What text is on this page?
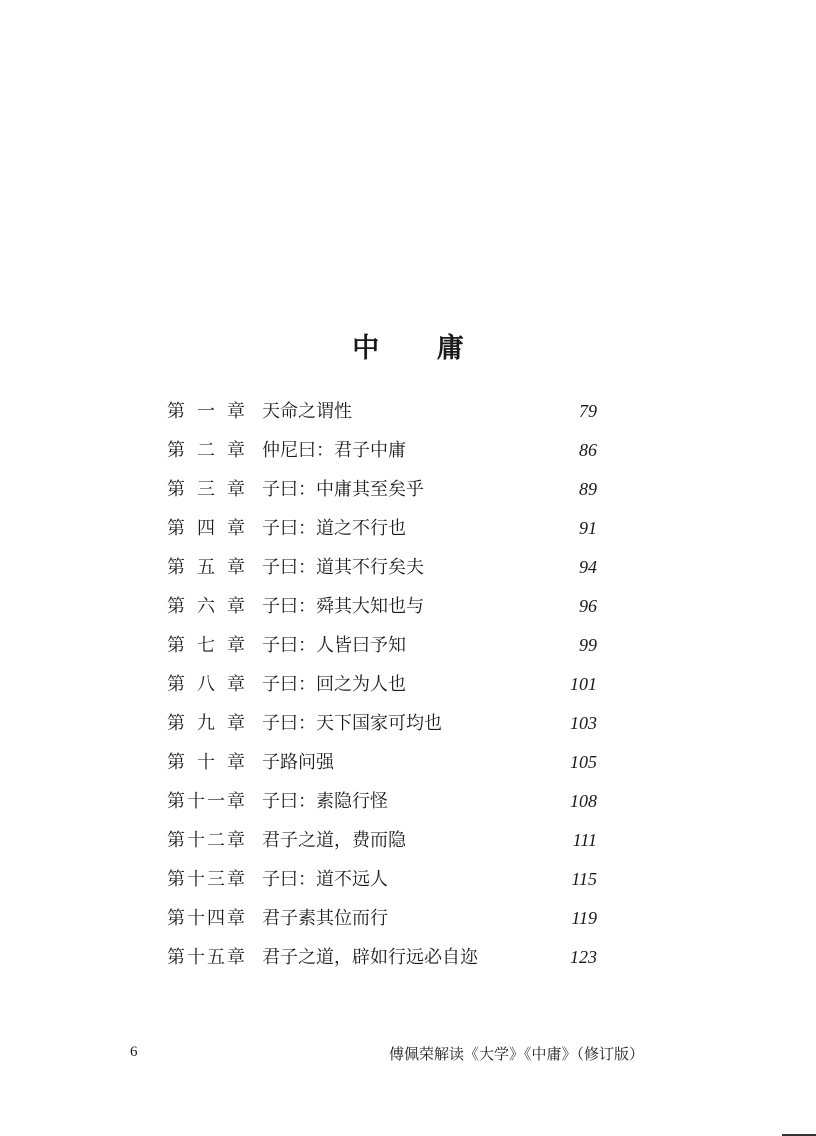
中 庸
第 一 章 天命之谓性	79
第 二 章 仲尼曰：君子中庸	86
第 三 章 子曰：中庸其至矣乎	89
第 四 章 子曰：道之不行也	91
第 五 章 子曰：道其不行矣夫	94
第 六 章 子曰：舜其大知也与	96
第 七 章 子曰：人皆曰予知	99
第 八 章 子曰：回之为人也	101
第 九 章 子曰：天下国家可均也	103
第 十 章 子路问强	105
第 十 一 章 子曰：素隐行怪	108
第 十 二 章 君子之道，费而隐	111
第 十 三 章 子曰：道不远人	115
第 十 四 章 君子素其位而行	119
第 十 五 章 君子之道，辟如行远必自迩	123
6	傅佩荣解读《大学》《中庸》（修订版）
